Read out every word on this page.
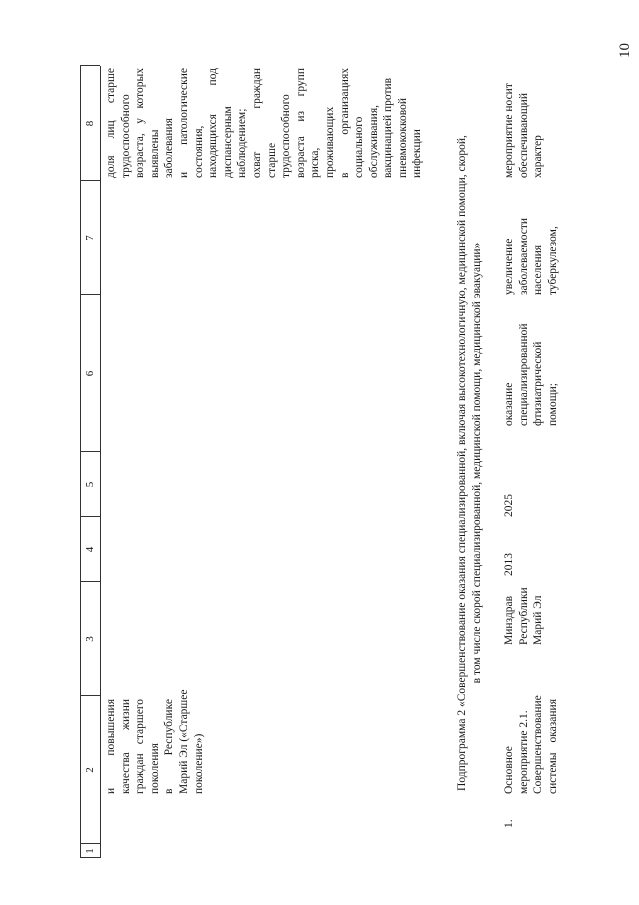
10
1
2
3
4
5
6
7
8
и
повышения
качества
жизни
граждан
старшего
поколения в
Республике Марий Эл («Старшее поколение»)
доля
лиц
старше
трудоспособного возраста,
у
которых
выявлены заболевания и
патологические
состояния, находящихся
под
диспансерным наблюдением; охват
граждан
старше трудоспособного возраста
из
групп
риска, проживающих в
организациях
социального обслуживания, вакцинацией против пневмококковой инфекции	Подпрограмма 2 «Совершенствование оказания специализированной, включая высокотехнологичную, медицинской помощи, скорой, в том числе скорой специализированной, медицинской помощи, медицинской эвакуации»
1.
Основное мероприятие 2.1. Совершенствование системы
оказания
Минздрав Республики Марий Эл
2013
2025
оказание специализированной фтизиатрической помощи;
увеличение заболеваемости населения туберкулезом,
мероприятие носит обеспечивающий характер
